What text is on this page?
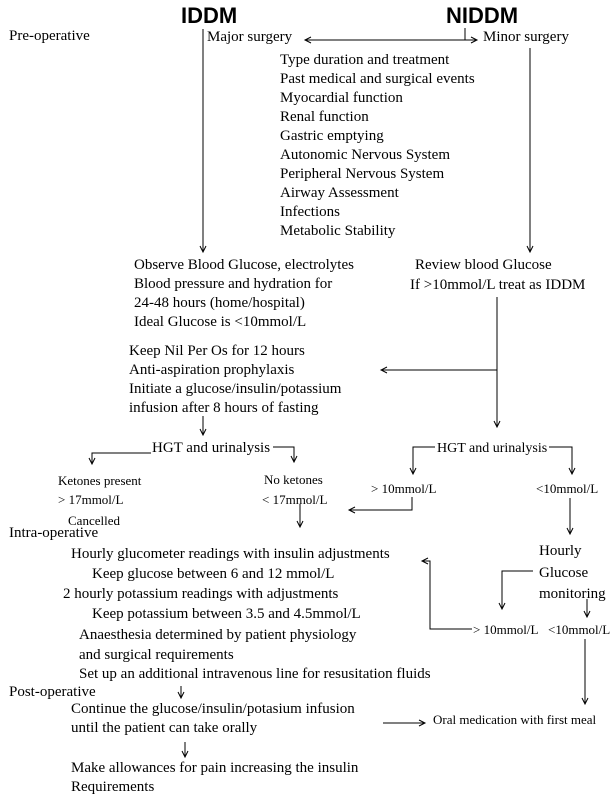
IDDM	NIDDM
Pre-operative
Intra-operative
Post-operative
Major surgery	Minor surgery
Type duration and treatment
Past medical and surgical events
Myocardial function
Renal function
Gastric emptying
Autonomic Nervous System
Peripheral Nervous System
Airway Assessment
Infections
Metabolic Stability
Observe Blood Glucose, electrolytes
Blood pressure and hydration for
24-48 hours (home/hospital)
Ideal Glucose is <10mmol/L
Review blood Glucose
If >10mmol/L treat as IDDM
Keep Nil Per Os for 12 hours
Anti-aspiration prophylaxis
Initiate a glucose/insulin/potassium
infusion after 8 hours of fasting
HGT and urinalysis	HGT and urinalysis
Ketones present
> 17mmol/L
Cancelled
No ketones
< 17mmol/L
> 10mmol/L	<10mmol/L
Hourly glucometer readings with insulin adjustments
Keep glucose between 6 and 12 mmol/L
2 hourly potassium readings with adjustments
Keep potassium between 3.5 and 4.5mmol/L
Anaesthesia determined by patient physiology
and surgical requirements
Set up an additional intravenous line for resusitation fluids
Hourly
Glucose
monitoring
> 10mmol/L <10mmol/L
Continue the glucose/insulin/potasium infusion
until the patient can take orally
Oral medication with first meal
Make allowances for pain increasing the insulin
Requirements
